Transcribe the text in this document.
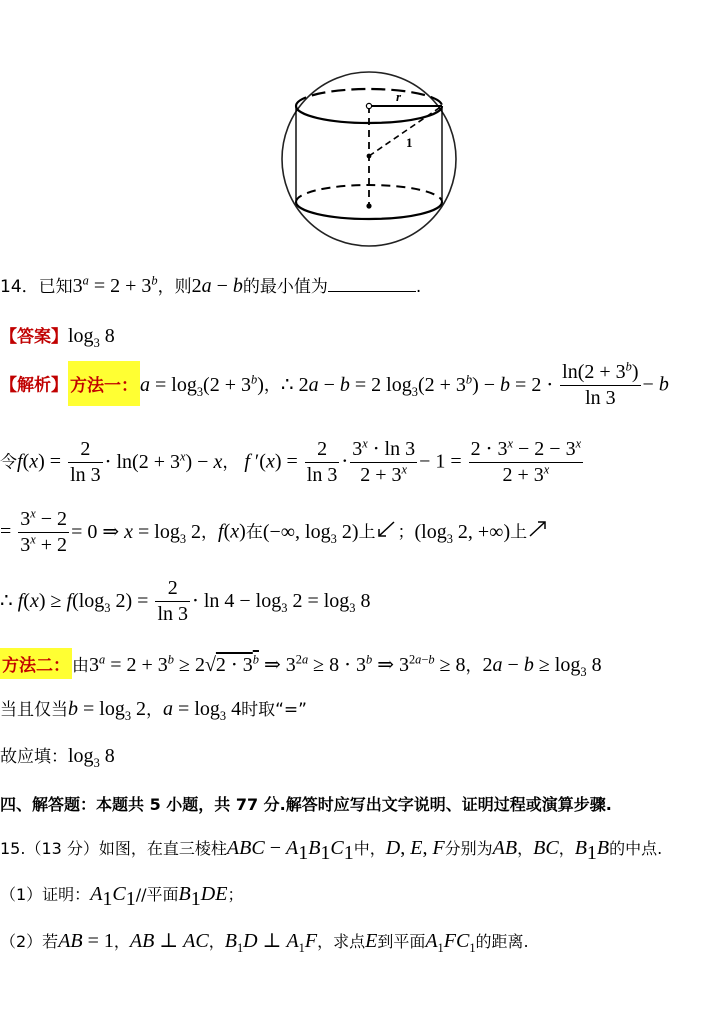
r
1
14．已知$3^a = 2 + 3^b$，则2a − b的最小值为	.
【答案】$\log_3 8$
【解析】 方法一： $a = \log_3(2 + 3^b)$，∴ 2a − b = 2 $\log_3(2 + 3^b) - b = 2 \cdot \frac{\ln(2 + 3^b)}{\ln 3} - b$
令$f(x) = \frac{2}{\ln 3} \cdot \ln(2 + 3^x) - x$， f $'(x) = \frac{2}{\ln 3} \cdot \frac{3^x \cdot \ln 3}{2 + 3^x} - 1 = \frac{2 \cdot 3^x - 2 - 3^x}{2 + 3^x}$
= $\frac{3^x - 2}{3^x + 2} = 0$ ⇒ $x = \log_3 2$，f(x)在(−∞, $\log_3 2$)上 ；($\log_3$ 2, +∞)上
∴ $f(x) \ge f(\log_3$ $2) = \frac{2}{\ln 3} \cdot \ln 4 - \log_3 2 = \log_3 8$
方法二： 由$3^a = 2 + 3^b \ge 2√2 \cdot 3^b$ ⇒ $3^{2a} \ge 8 \cdot 3^b$ ⇒ $3^{2a-b} \ge 8$，$2a - b \ge \log_3 8$
当且仅当$b = \log_3 2$，$a = \log_3 4$时取“=”
故应填：$\log_3 8$
四、解答题：本题共 5 小题，共 77 分.解答时应写出文字说明、证明过程或演算步骤.
15.（13 分）如图，在直三棱柱ABC − $A_1B_1C_1$中，D, E, F分别为AB，BC，$B_1B$的中点.
（1）证明：$A_1C_1//$平面$B_1DE$；
（2）若AB = 1，AB ⊥ AC，$B_1D$ ⊥ $A_1F$，求点E到平面$A_1FC_1$的距离.
